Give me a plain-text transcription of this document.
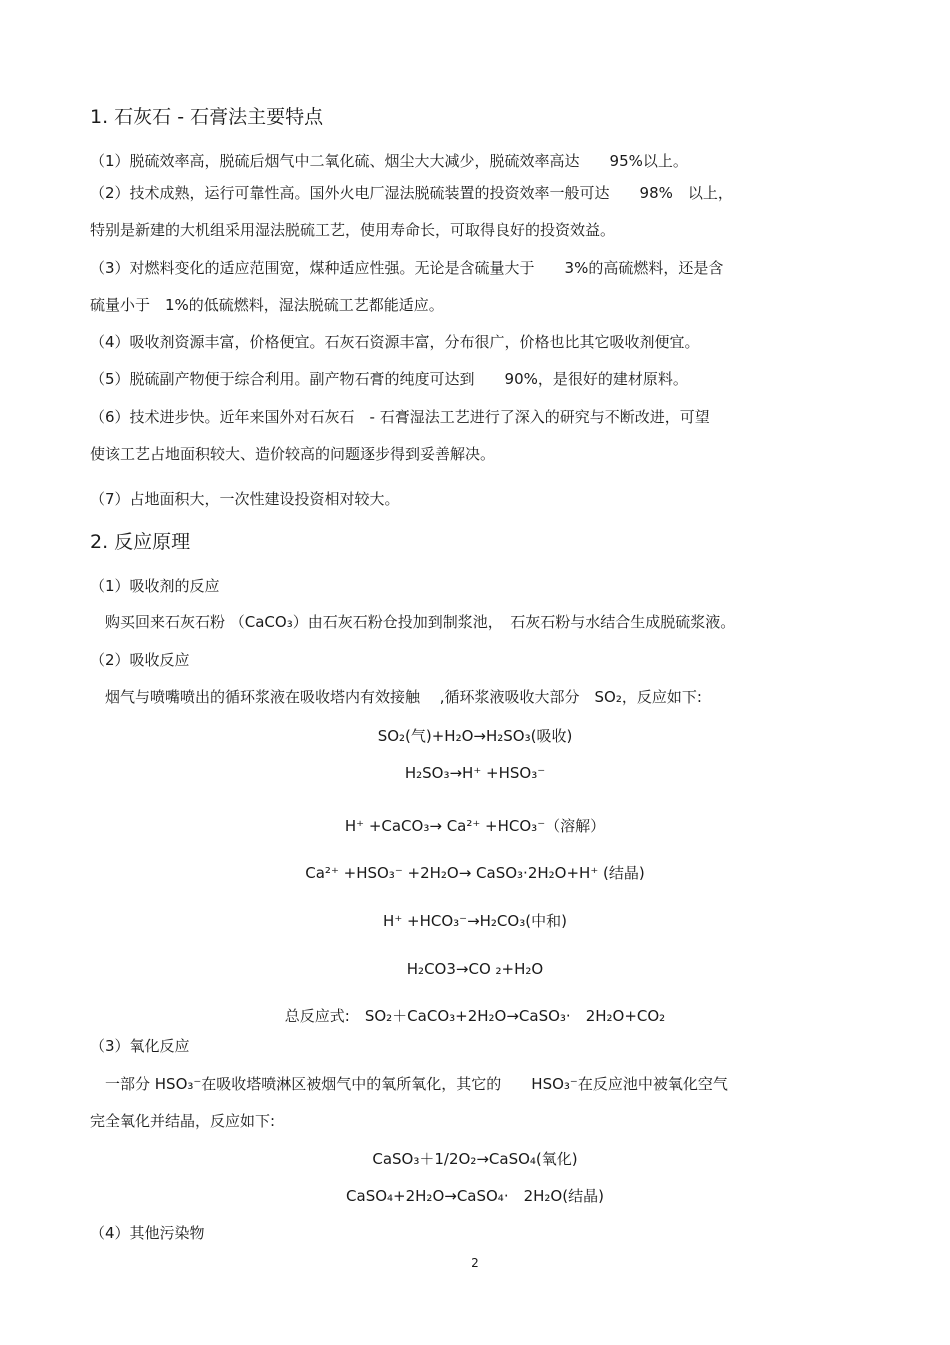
1. 石灰石 - 石膏法主要特点
（1）脱硫效率高，脱硫后烟气中二氧化硫、烟尘大大减少，脱硫效率高达　　95%以上。
（2）技术成熟，运行可靠性高。国外火电厂湿法脱硫装置的投资效率一般可达　　98%　以上，
特别是新建的大机组采用湿法脱硫工艺，使用寿命长，可取得良好的投资效益。
（3）对燃料变化的适应范围宽，煤种适应性强。无论是含硫量大于　　3%的高硫燃料，还是含
硫量小于　1%的低硫燃料，湿法脱硫工艺都能适应。
（4）吸收剂资源丰富，价格便宜。石灰石资源丰富，分布很广，价格也比其它吸收剂便宜。
（5）脱硫副产物便于综合利用。副产物石膏的纯度可达到　　90%，是很好的建材原料。
（6）技术进步快。近年来国外对石灰石　- 石膏湿法工艺进行了深入的研究与不断改进，可望
使该工艺占地面积较大、造价较高的问题逐步得到妥善解决。
（7）占地面积大，一次性建设投资相对较大。
2. 反应原理
（1）吸收剂的反应
　购买回来石灰石粉 （CaCO₃）由石灰石粉仓投加到制浆池，　石灰石粉与水结合生成脱硫浆液。
（2）吸收反应
　烟气与喷嘴喷出的循环浆液在吸收塔内有效接触　 ,循环浆液吸收大部分　SO₂，反应如下:
SO₂(气)+H₂O→H₂SO₃(吸收)
H₂SO₃→H⁺ +HSO₃⁻
H⁺ +CaCO₃→ Ca²⁺ +HCO₃⁻（溶解）
Ca²⁺ +HSO₃⁻ +2H₂O→ CaSO₃·2H₂O+H⁺ (结晶)
H⁺ +HCO₃⁻→H₂CO₃(中和)
H₂CO3→CO ₂+H₂O
总反应式:　SO₂＋CaCO₃+2H₂O→CaSO₃·　2H₂O+CO₂
（3）氧化反应
　一部分 HSO₃⁻在吸收塔喷淋区被烟气中的氧所氧化，其它的　　HSO₃⁻在反应池中被氧化空气
完全氧化并结晶，反应如下:
CaSO₃＋1/2O₂→CaSO₄(氧化)
CaSO₄+2H₂O→CaSO₄·　2H₂O(结晶)
（4）其他污染物
2
